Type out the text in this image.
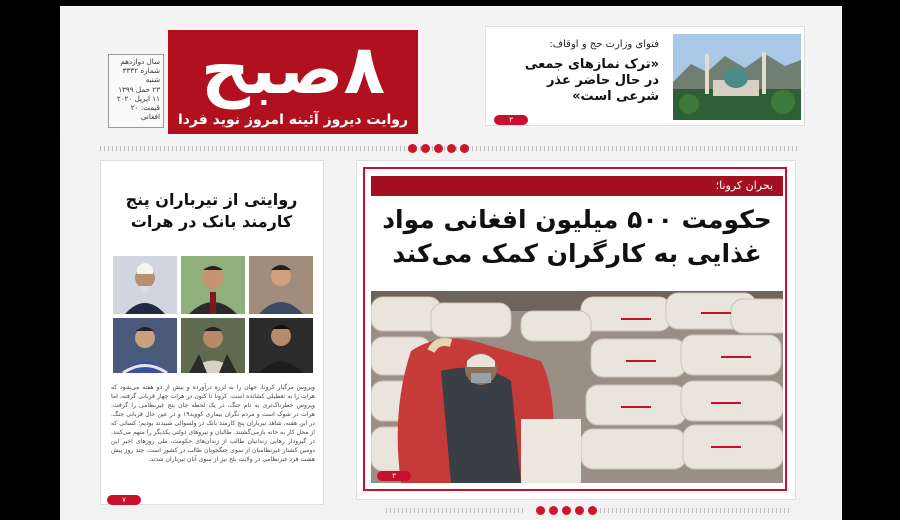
سال دوازدهم
شماره ۳۳۳۲
شنبه
۲۳ حمل ۱۳۹۹
۱۱ اپریل ۲۰۲۰
قیمت: ۲۰ افغانی
۸صبح
روایت دیروز آئینه امروز نوید فردا
فتوای وزارت حج و اوقاف:
«ترک نمازهای جمعی در حال حاضر عذر شرعی است»
۳
روایتی از تیرباران پنج کارمند بانک در هرات
ویروس مرگبار کرونا، جهان را به لرزه درآورده و بیش از دو هفته می‌شود که هرات را به تعطیلی کشانده است. کرونا تا کنون در هرات چهار قربانی گرفته، اما ویروس خطرناک‌تری به نام جنگ، در یک لحظه جان پنج غیرنظامی را گرفت. هرات در شوک است و مردم نگران بیماری کووید۱۹ و در عین حال قربانی جنگ. در این هفته، شاهد تیرباران پنج کارمند بانک در ولسوالی شیندند بودیم؛ کسانی که از محل کار به خانه بازمی‌گشتند. طالبان و نیروهای دولتی یکدیگر را متهم می‌کنند. در گیرودار رهایی زندانیان طالب از زندان‌های حکومت، طی روزهای اخیر این دومین کشتار غیرنظامیان از سوی جنگجویان طالب در کشور است. چند روز پیش هشت فرد غیرنظامی در ولایت بلخ نیز از سوی آنان تیرباران شدند.
۷
بحران کرونا؛
حکومت ۵۰۰ میلیون افغانی مواد غذایی به کارگران کمک می‌کند
۳
